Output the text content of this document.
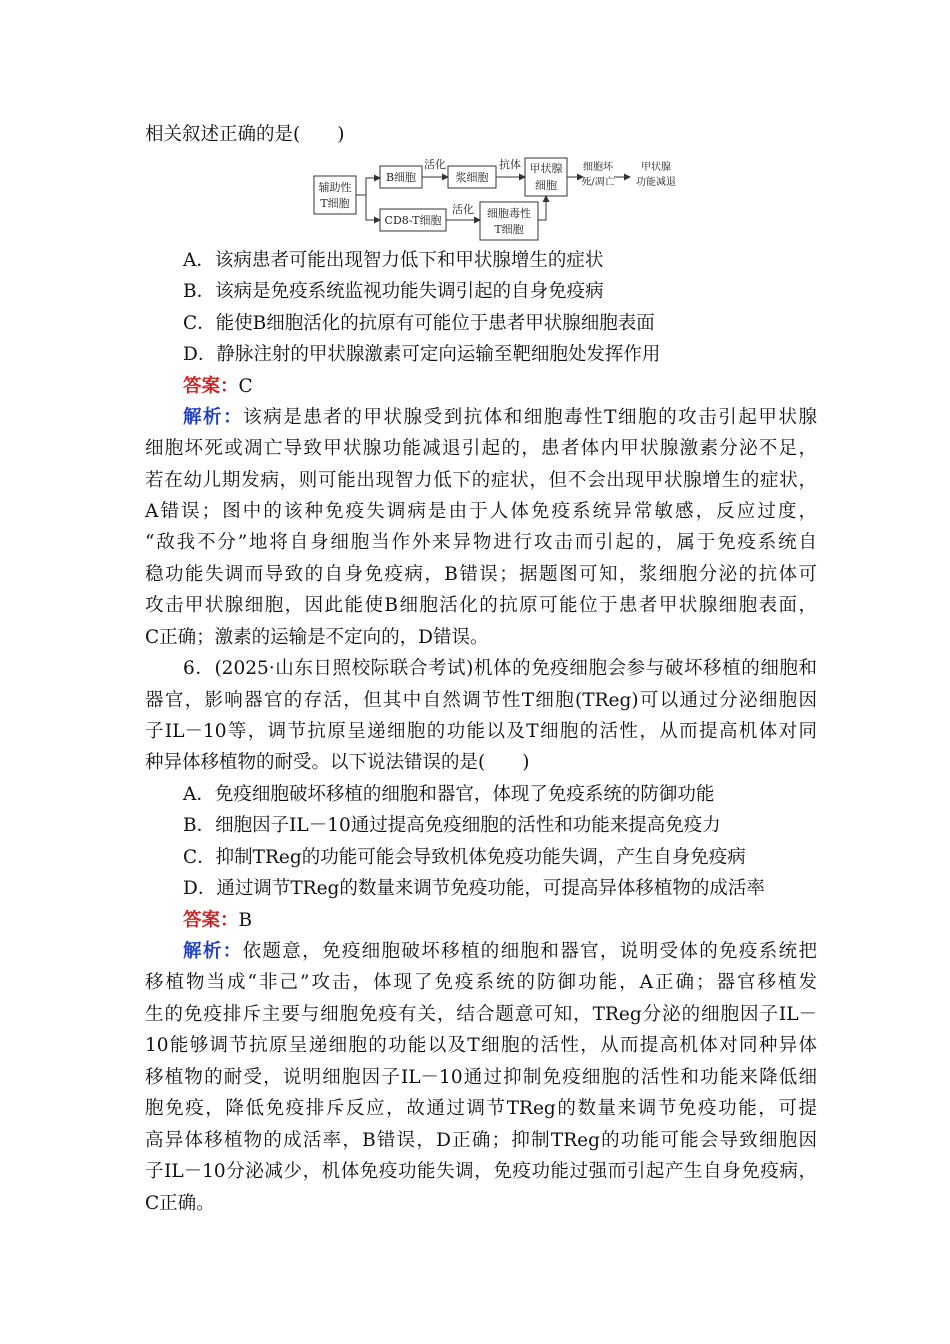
相关叙述正确的是(　　)
辅助性
T细胞
B细胞
活化
浆细胞
抗体 甲状腺
细胞
细胞坏
死/凋亡
甲状腺
功能减退
CD8-T细胞
活化 细胞毒性
T细胞
A．该病患者可能出现智力低下和甲状腺增生的症状
B．该病是免疫系统监视功能失调引起的自身免疫病
C．能使B细胞活化的抗原有可能位于患者甲状腺细胞表面
D．静脉注射的甲状腺激素可定向运输至靶细胞处发挥作用
答案：C
解析：该病是患者的甲状腺受到抗体和细胞毒性T细胞的攻击引起甲状腺
细胞坏死或凋亡导致甲状腺功能减退引起的，患者体内甲状腺激素分泌不足，
若在幼儿期发病，则可能出现智力低下的症状，但不会出现甲状腺增生的症状，
A错误；图中的该种免疫失调病是由于人体免疫系统异常敏感，反应过度，
“敌我不分”地将自身细胞当作外来异物进行攻击而引起的，属于免疫系统自
稳功能失调而导致的自身免疫病，B错误；据题图可知，浆细胞分泌的抗体可
攻击甲状腺细胞，因此能使B细胞活化的抗原可能位于患者甲状腺细胞表面，
C正确；激素的运输是不定向的，D错误。
6．(2025·山东日照校际联合考试)机体的免疫细胞会参与破坏移植的细胞和
器官，影响器官的存活，但其中自然调节性T细胞(TReg)可以通过分泌细胞因
子IL－10等，调节抗原呈递细胞的功能以及T细胞的活性，从而提高机体对同
种异体移植物的耐受。以下说法错误的是(　　)
A．免疫细胞破坏移植的细胞和器官，体现了免疫系统的防御功能
B．细胞因子IL－10通过提高免疫细胞的活性和功能来提高免疫力
C．抑制TReg的功能可能会导致机体免疫功能失调，产生自身免疫病
D．通过调节TReg的数量来调节免疫功能，可提高异体移植物的成活率
答案：B
解析：依题意，免疫细胞破坏移植的细胞和器官，说明受体的免疫系统把
移植物当成“非己”攻击，体现了免疫系统的防御功能，A正确；器官移植发
生的免疫排斥主要与细胞免疫有关，结合题意可知，TReg分泌的细胞因子IL－
10能够调节抗原呈递细胞的功能以及T细胞的活性，从而提高机体对同种异体
移植物的耐受，说明细胞因子IL－10通过抑制免疫细胞的活性和功能来降低细
胞免疫，降低免疫排斥反应，故通过调节TReg的数量来调节免疫功能，可提
高异体移植物的成活率，B错误，D正确；抑制TReg的功能可能会导致细胞因
子IL－10分泌减少，机体免疫功能失调，免疫功能过强而引起产生自身免疫病，
C正确。
